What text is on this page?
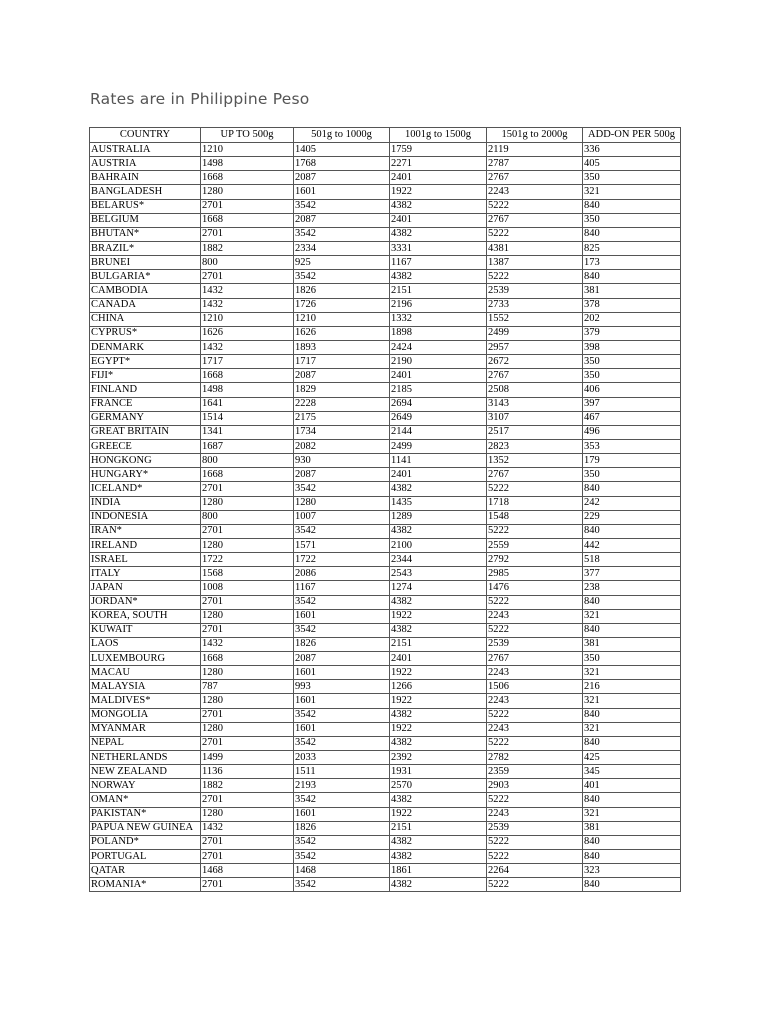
Rates are in Philippine Peso
COUNTRY	UP TO 500g	501g to 1000g	1001g to 1500g	1501g to 2000g	ADD-ON PER 500g
AUSTRALIA	1210	1405	1759	2119	336
AUSTRIA	1498	1768	2271	2787	405
BAHRAIN	1668	2087	2401	2767	350
BANGLADESH	1280	1601	1922	2243	321
BELARUS*	2701	3542	4382	5222	840
BELGIUM	1668	2087	2401	2767	350
BHUTAN*	2701	3542	4382	5222	840
BRAZIL*	1882	2334	3331	4381	825
BRUNEI	800	925	1167	1387	173
BULGARIA*	2701	3542	4382	5222	840
CAMBODIA	1432	1826	2151	2539	381
CANADA	1432	1726	2196	2733	378
CHINA	1210	1210	1332	1552	202
CYPRUS*	1626	1626	1898	2499	379
DENMARK	1432	1893	2424	2957	398
EGYPT*	1717	1717	2190	2672	350
FIJI*	1668	2087	2401	2767	350
FINLAND	1498	1829	2185	2508	406
FRANCE	1641	2228	2694	3143	397
GERMANY	1514	2175	2649	3107	467
GREAT BRITAIN	1341	1734	2144	2517	496
GREECE	1687	2082	2499	2823	353
HONGKONG	800	930	1141	1352	179
HUNGARY*	1668	2087	2401	2767	350
ICELAND*	2701	3542	4382	5222	840
INDIA	1280	1280	1435	1718	242
INDONESIA	800	1007	1289	1548	229
IRAN*	2701	3542	4382	5222	840
IRELAND	1280	1571	2100	2559	442
ISRAEL	1722	1722	2344	2792	518
ITALY	1568	2086	2543	2985	377
JAPAN	1008	1167	1274	1476	238
JORDAN*	2701	3542	4382	5222	840
KOREA, SOUTH	1280	1601	1922	2243	321
KUWAIT	2701	3542	4382	5222	840
LAOS	1432	1826	2151	2539	381
LUXEMBOURG	1668	2087	2401	2767	350
MACAU	1280	1601	1922	2243	321
MALAYSIA	787	993	1266	1506	216
MALDIVES*	1280	1601	1922	2243	321
MONGOLIA	2701	3542	4382	5222	840
MYANMAR	1280	1601	1922	2243	321
NEPAL	2701	3542	4382	5222	840
NETHERLANDS	1499	2033	2392	2782	425
NEW ZEALAND	1136	1511	1931	2359	345
NORWAY	1882	2193	2570	2903	401
OMAN*	2701	3542	4382	5222	840
PAKISTAN*	1280	1601	1922	2243	321
PAPUA NEW GUINEA	1432	1826	2151	2539	381
POLAND*	2701	3542	4382	5222	840
PORTUGAL	2701	3542	4382	5222	840
QATAR	1468	1468	1861	2264	323
ROMANIA*	2701	3542	4382	5222	840
